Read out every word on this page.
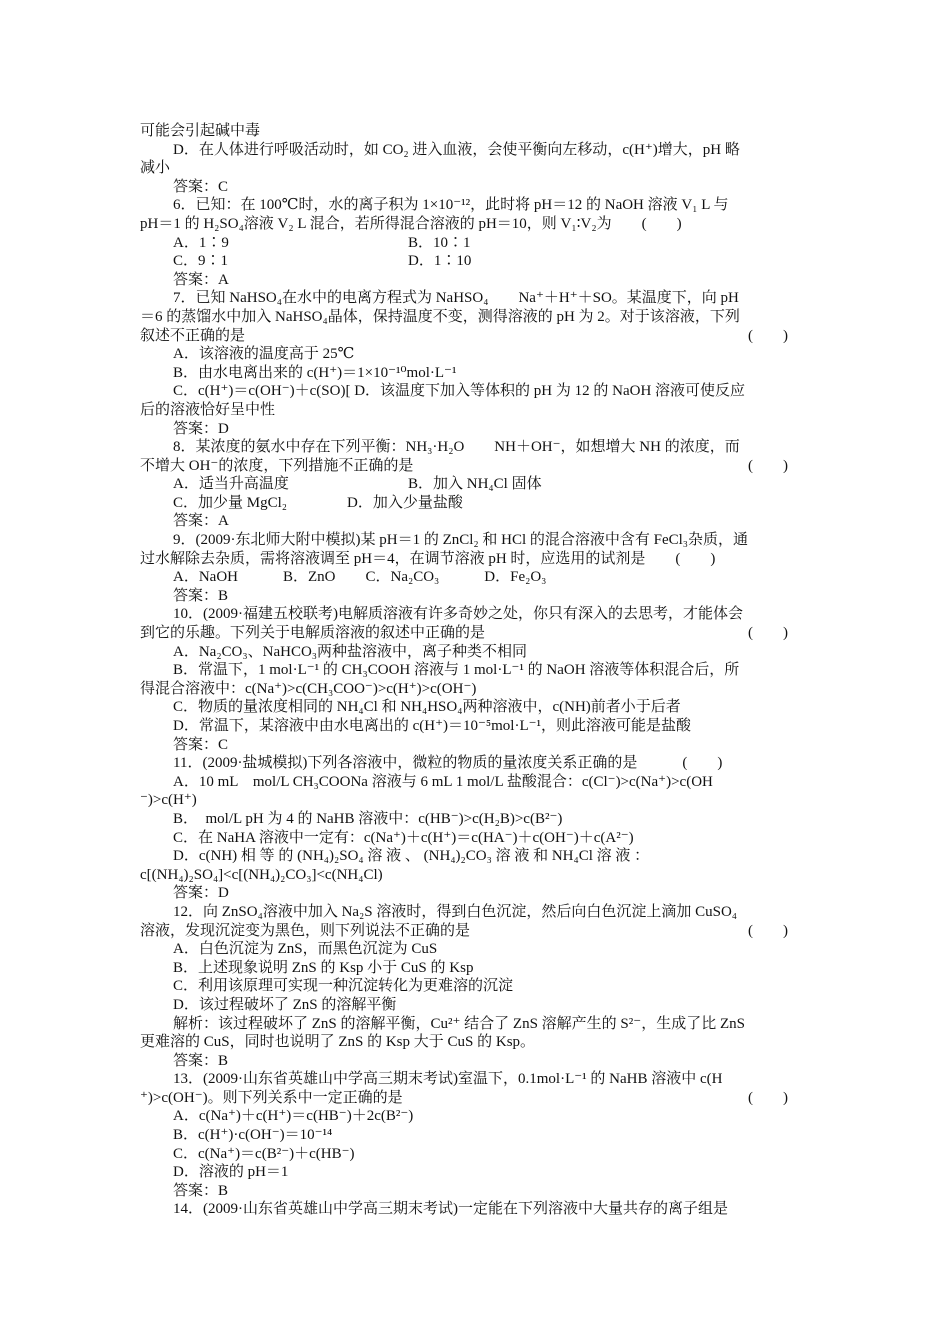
可能会引起碱中毒
D．在人体进行呼吸活动时，如 CO₂ 进入血液，会使平衡向左移动，c(H⁺)增大，pH 略
减小
答案：C
6．已知：在 100℃时，水的离子积为 1×10⁻¹²，此时将 pH＝12 的 NaOH 溶液 V₁ L 与
pH＝1 的 H₂SO₄溶液 V₂ L 混合，若所得混合溶液的 pH＝10，则 V₁∶V₂为　　(　　)
A．1∶9	B．10∶1
C．9∶1	D．1∶10
答案：A
7．已知 NaHSO₄在水中的电离方程式为 NaHSO₄　　Na⁺＋H⁺＋SO。某温度下，向 pH
＝6 的蒸馏水中加入 NaHSO₄晶体，保持温度不变，测得溶液的 pH 为 2。对于该溶液，下列
叙述不正确的是	(　　)
A．该溶液的温度高于 25℃
B．由水电离出来的 c(H⁺)＝1×10⁻¹⁰mol·L⁻¹
C．c(H⁺)＝c(OH⁻)＋c(SO)[ D．该温度下加入等体积的 pH 为 12 的 NaOH 溶液可使反应
后的溶液恰好呈中性
答案：D
8．某浓度的氨水中存在下列平衡：NH₃·H₂O　　NH＋OH⁻，如想增大 NH 的浓度，而
不增大 OH⁻的浓度，下列措施不正确的是	(　　)
A．适当升高温度	B．加入 NH₄Cl 固体
C．加少量 MgCl₂　　　　D．加入少量盐酸
答案：A
9．(2009·东北师大附中模拟)某 pH＝1 的 ZnCl₂ 和 HCl 的混合溶液中含有 FeCl₃杂质，通
过水解除去杂质，需将溶液调至 pH＝4，在调节溶液 pH 时，应选用的试剂是　　(　　)
A．NaOH　　　B．ZnO　　C．Na₂CO₃　　　D．Fe₂O₃
答案：B
10．(2009·福建五校联考)电解质溶液有许多奇妙之处，你只有深入的去思考，才能体会
到它的乐趣。下列关于电解质溶液的叙述中正确的是	(　　)
A．Na₂CO₃、NaHCO₃两种盐溶液中，离子种类不相同
B．常温下，1 mol·L⁻¹ 的 CH₃COOH 溶液与 1 mol·L⁻¹ 的 NaOH 溶液等体积混合后，所
得混合溶液中：c(Na⁺)>c(CH₃COO⁻)>c(H⁺)>c(OH⁻)
C．物质的量浓度相同的 NH₄Cl 和 NH₄HSO₄两种溶液中，c(NH)前者小于后者
D．常温下，某溶液中由水电离出的 c(H⁺)＝10⁻⁵mol·L⁻¹，则此溶液可能是盐酸
答案：C
11．(2009·盐城模拟)下列各溶液中，微粒的物质的量浓度关系正确的是　　　(　　)
A．10 mL　mol/L CH₃COONa 溶液与 6 mL 1 mol/L 盐酸混合：c(Cl⁻)>c(Na⁺)>c(OH
⁻)>c(H⁺)
B．　mol/L pH 为 4 的 NaHB 溶液中：c(HB⁻)>c(H₂B)>c(B²⁻)
C．在 NaHA 溶液中一定有：c(Na⁺)＋c(H⁺)＝c(HA⁻)＋c(OH⁻)＋c(A²⁻)
D．c(NH) 相 等 的 (NH₄)₂SO₄ 溶 液 、 (NH₄)₂CO₃ 溶 液 和 NH₄Cl 溶 液 ：
c[(NH₄)₂SO₄]<c[(NH₄)₂CO₃]<c(NH₄Cl)
答案：D
12．向 ZnSO₄溶液中加入 Na₂S 溶液时，得到白色沉淀，然后向白色沉淀上滴加 CuSO₄
溶液，发现沉淀变为黑色，则下列说法不正确的是	(　　)
A．白色沉淀为 ZnS，而黑色沉淀为 CuS
B．上述现象说明 ZnS 的 Ksp 小于 CuS 的 Ksp
C．利用该原理可实现一种沉淀转化为更难溶的沉淀
D．该过程破坏了 ZnS 的溶解平衡
解析：该过程破坏了 ZnS 的溶解平衡，Cu²⁺ 结合了 ZnS 溶解产生的 S²⁻，生成了比 ZnS
更难溶的 CuS，同时也说明了 ZnS 的 Ksp 大于 CuS 的 Ksp。
答案：B
13．(2009·山东省英雄山中学高三期末考试)室温下，0.1mol·L⁻¹ 的 NaHB 溶液中 c(H
⁺)>c(OH⁻)。则下列关系中一定正确的是	(　　)
A．c(Na⁺)＋c(H⁺)＝c(HB⁻)＋2c(B²⁻)
B．c(H⁺)·c(OH⁻)＝10⁻¹⁴
C．c(Na⁺)＝c(B²⁻)＋c(HB⁻)
D．溶液的 pH＝1
答案：B
14．(2009·山东省英雄山中学高三期末考试)一定能在下列溶液中大量共存的离子组是
